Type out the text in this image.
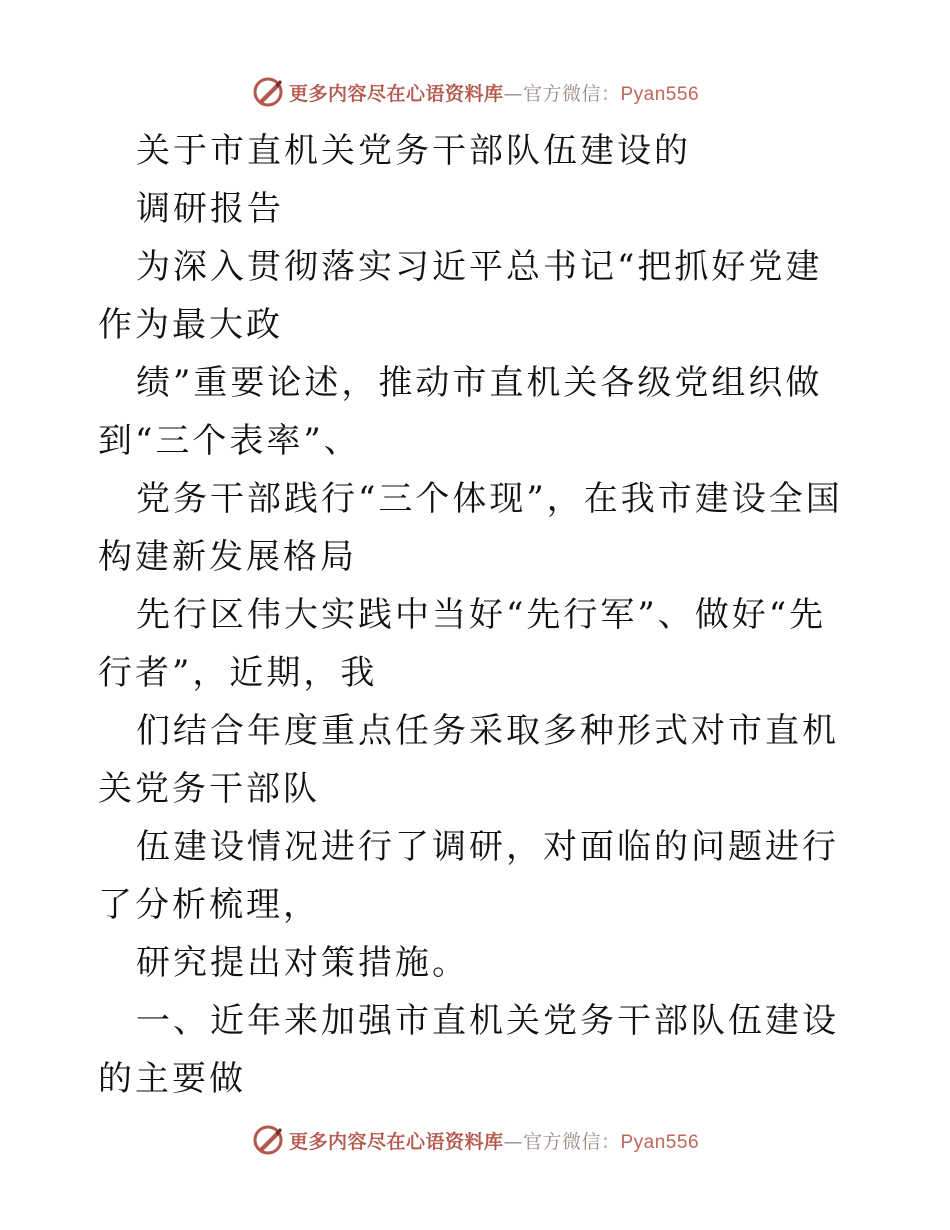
更多内容尽在心语资料库—官方微信：Pyan556

关于市直机关党务干部队伍建设的

调研报告

为深入贯彻落实习近平总书记“把抓好党建作为最大政

绩”重要论述，推动市直机关各级党组织做到“三个表率”、

党务干部践行“三个体现”，在我市建设全国构建新发展格局

先行区伟大实践中当好“先行军”、做好“先行者”，近期，我

们结合年度重点任务采取多种形式对市直机关党务干部队

伍建设情况进行了调研，对面临的问题进行了分析梳理，

研究提出对策措施。

一、近年来加强市直机关党务干部队伍建设的主要做

更多内容尽在心语资料库—官方微信：Pyan556
